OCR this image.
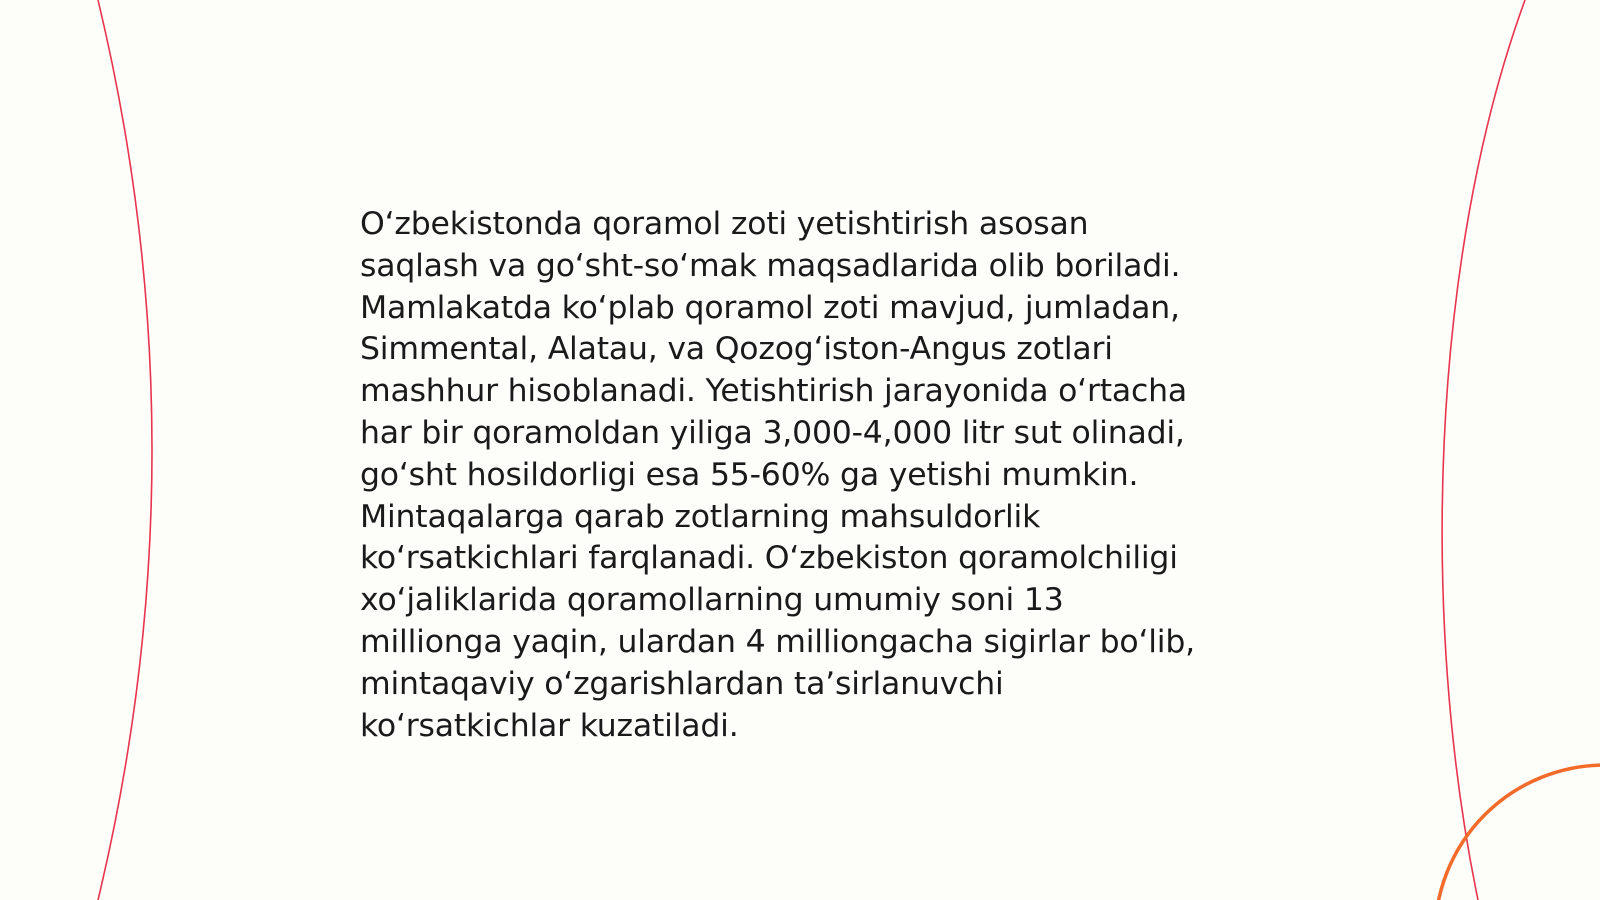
O‘zbekistonda qoramol zoti yetishtirish asosan
saqlash va go‘sht-so‘mak maqsadlarida olib boriladi.
Mamlakatda ko‘plab qoramol zoti mavjud, jumladan,
Simmental, Alatau, va Qozog‘iston-Angus zotlari
mashhur hisoblanadi. Yetishtirish jarayonida o‘rtacha
har bir qoramoldan yiliga 3,000-4,000 litr sut olinadi,
go‘sht hosildorligi esa 55-60% ga yetishi mumkin.
Mintaqalarga qarab zotlarning mahsuldorlik
ko‘rsatkichlari farqlanadi. O‘zbekiston qoramolchiligi
xo‘jaliklarida qoramollarning umumiy soni 13
millionga yaqin, ulardan 4 milliongacha sigirlar bo‘lib,
mintaqaviy o‘zgarishlardan ta’sirlanuvchi
ko‘rsatkichlar kuzatiladi.
